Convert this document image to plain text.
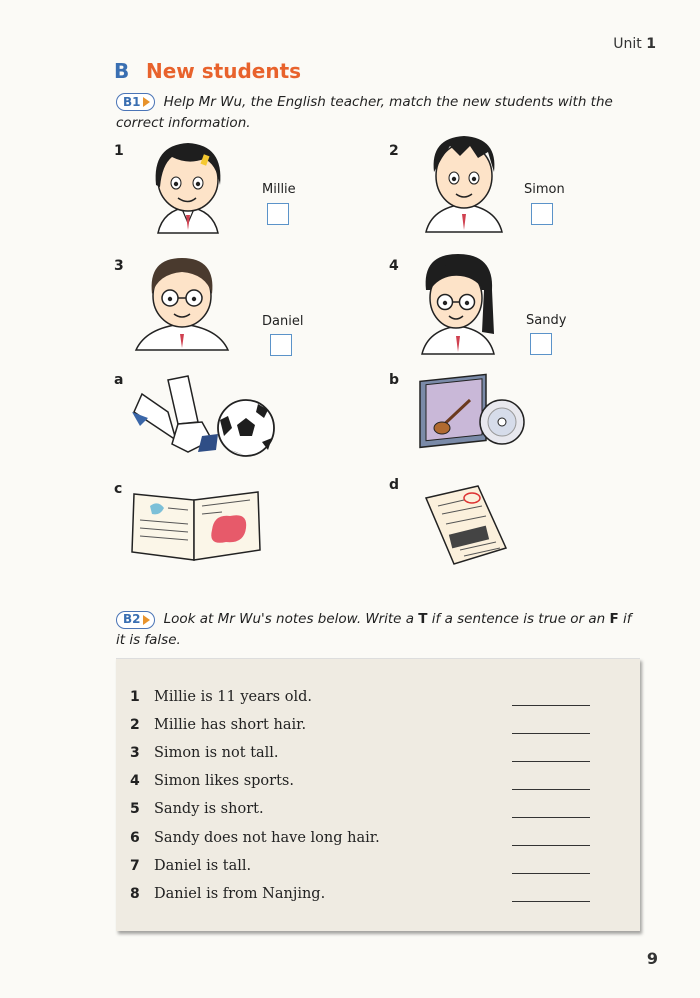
Unit 1
B New students
B1 Help Mr Wu, the English teacher, match the new students with the correct information.
1
Millie
2
Simon
3
Daniel
4
Sandy
a	b
c	d
B2 Look at Mr Wu's notes below. Write a T if a sentence is true or an F if it is false.
1 Millie is 11 years old.
2 Millie has short hair.
3 Simon is not tall.
4 Simon likes sports.
5 Sandy is short.
6 Sandy does not have long hair.
7 Daniel is tall.
8 Daniel is from Nanjing.
9
